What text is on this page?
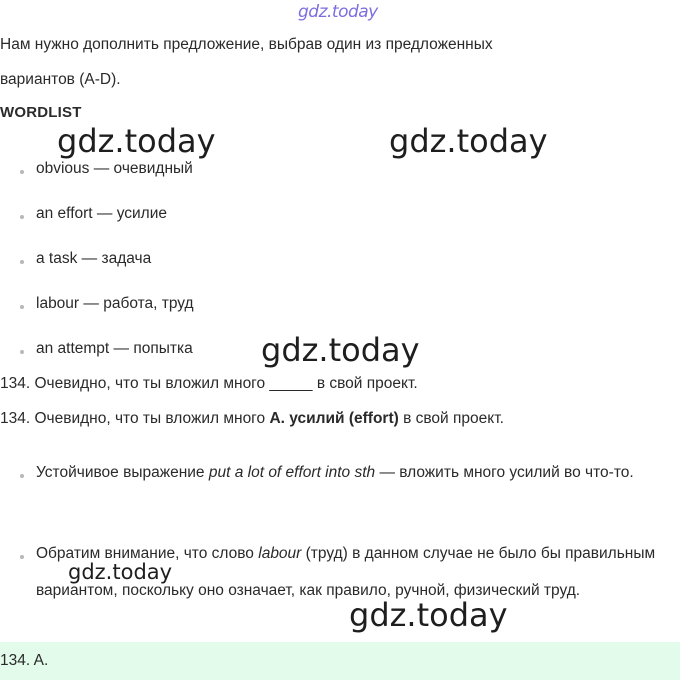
gdz.today
gdz.today	gdz.today
gdz.today
gdz.today
gdz.today
Нам нужно дополнить предложение, выбрав один из предложенных
вариантов (A-D).
WORDLIST
obvious — очевидный
an effort — усилие
a task — задача
labour — работа, труд
an attempt — попытка
134. Очевидно, что ты вложил много _____ в свой проект.
134. Очевидно, что ты вложил много A. усилий (effort) в свой проект.
Устойчивое выражение put a lot of effort into sth — вложить много усилий во что-то.
Обратим внимание, что слово labour (труд) в данном случае не было бы правильным вариантом, поскольку оно означает, как правило, ручной, физический труд.
134. A.
